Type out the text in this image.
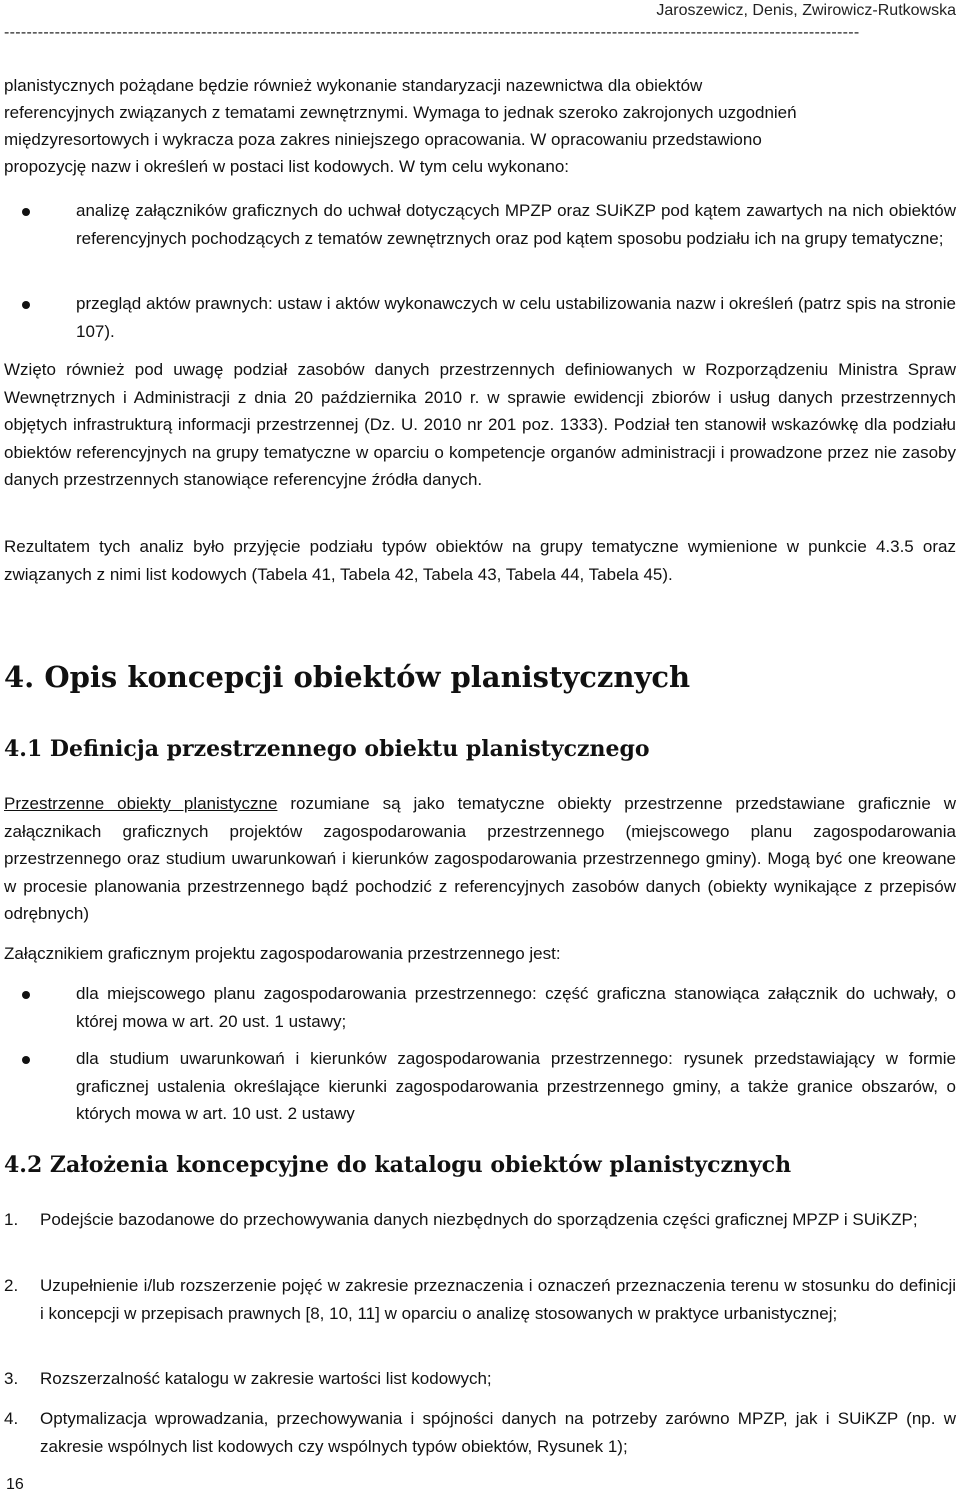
Jaroszewicz, Denis, Zwirowicz-Rutkowska
--------------------------------------------------------------------------------------------------------------------------------------------------------
planistycznych pożądane będzie również wykonanie standaryzacji nazewnictwa dla obiektów
referencyjnych związanych z tematami zewnętrznymi. Wymaga to jednak szeroko zakrojonych uzgodnień
międzyresortowych i wykracza poza zakres niniejszego opracowania. W opracowaniu przedstawiono
propozycję nazw i określeń w postaci list kodowych. W tym celu wykonano:
analizę załączników graficznych do uchwał dotyczących MPZP oraz SUiKZP pod kątem zawartych na nich obiektów referencyjnych pochodzących z tematów zewnętrznych oraz pod kątem sposobu podziału ich na grupy tematyczne;
przegląd aktów prawnych: ustaw i aktów wykonawczych w celu ustabilizowania nazw i określeń (patrz spis na stronie 107).
Wzięto również pod uwagę podział zasobów danych przestrzennych definiowanych w Rozporządzeniu Ministra Spraw Wewnętrznych i Administracji z dnia 20 października 2010 r. w sprawie ewidencji zbiorów i usług danych przestrzennych objętych infrastrukturą informacji przestrzennej (Dz. U. 2010 nr 201 poz. 1333). Podział ten stanowił wskazówkę dla podziału obiektów referencyjnych na grupy tematyczne w oparciu o kompetencje organów administracji i prowadzone przez nie zasoby danych przestrzennych stanowiące referencyjne źródła danych.
Rezultatem tych analiz było przyjęcie podziału typów obiektów na grupy tematyczne wymienione w punkcie 4.3.5 oraz związanych z nimi list kodowych (Tabela 41, Tabela 42, Tabela 43, Tabela 44, Tabela 45).
4. Opis koncepcji obiektów planistycznych
4.1 Definicja przestrzennego obiektu planistycznego
Przestrzenne obiekty planistyczne rozumiane są jako tematyczne obiekty przestrzenne przedstawiane graficznie w załącznikach graficznych projektów zagospodarowania przestrzennego (miejscowego planu zagospodarowania przestrzennego oraz studium uwarunkowań i kierunków zagospodarowania przestrzennego gminy). Mogą być one kreowane w procesie planowania przestrzennego bądź pochodzić z referencyjnych zasobów danych (obiekty wynikające z przepisów odrębnych)
Załącznikiem graficznym projektu zagospodarowania przestrzennego jest:
dla miejscowego planu zagospodarowania przestrzennego: część graficzna stanowiąca załącznik do uchwały, o której mowa w art. 20 ust. 1 ustawy;
dla studium uwarunkowań i kierunków zagospodarowania przestrzennego: rysunek przedstawiający w formie graficznej ustalenia określające kierunki zagospodarowania przestrzennego gminy, a także granice obszarów, o których mowa w art. 10 ust. 2 ustawy
4.2 Założenia koncepcyjne do katalogu obiektów planistycznych
1. Podejście bazodanowe do przechowywania danych niezbędnych do sporządzenia części graficznej MPZP i SUiKZP;
2. Uzupełnienie i/lub rozszerzenie pojęć w zakresie przeznaczenia i oznaczeń przeznaczenia terenu w stosunku do definicji i koncepcji w przepisach prawnych [8, 10, 11] w oparciu o analizę stosowanych w praktyce urbanistycznej;
3. Rozszerzalność katalogu w zakresie wartości list kodowych;
4. Optymalizacja wprowadzania, przechowywania i spójności danych na potrzeby zarówno MPZP, jak i SUiKZP (np. w zakresie wspólnych list kodowych czy wspólnych typów obiektów, Rysunek 1);
16
